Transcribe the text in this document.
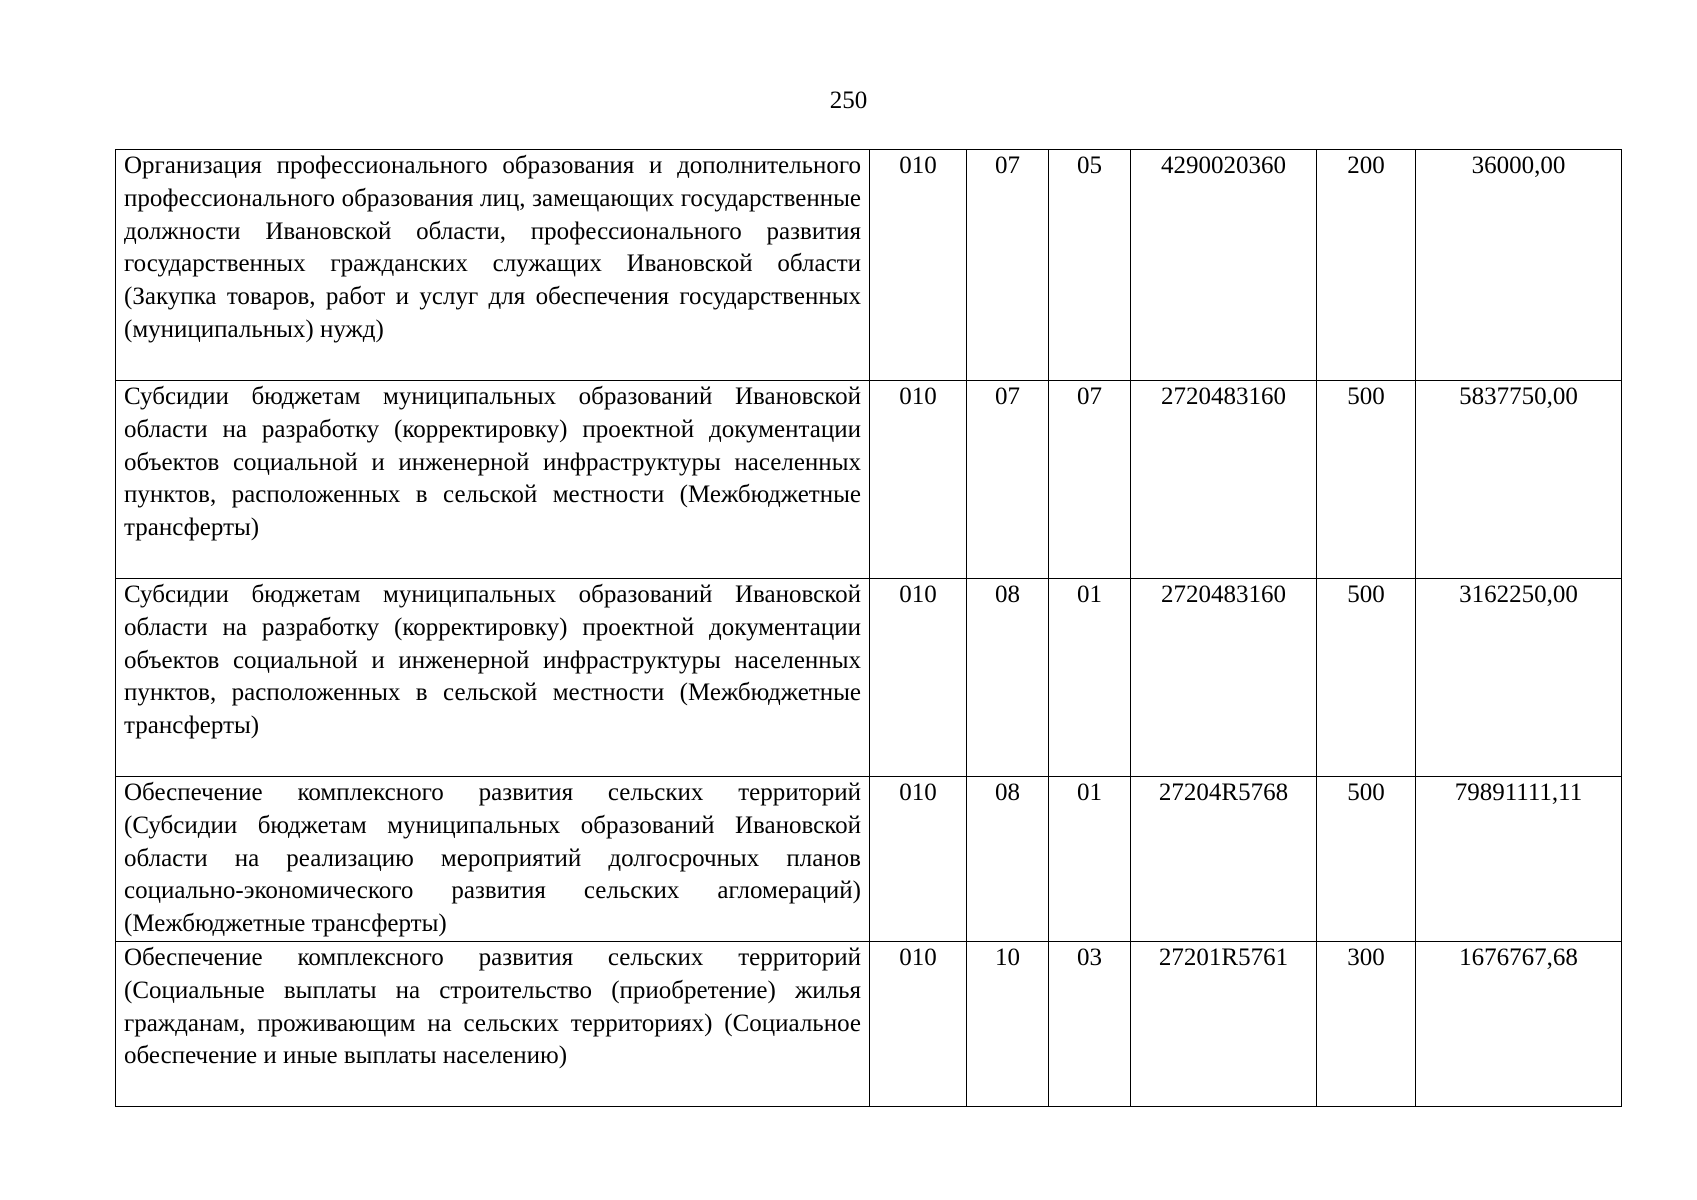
250
Организация профессионального образования и дополнительного профессионального образования лиц, замещающих государственные должности Ивановской области, профессионального развития государственных гражданских служащих Ивановской области (Закупка товаров, работ и услуг для обеспечения государственных (муниципальных) нужд)	010	07	05	4290020360	200	36000,00
Субсидии бюджетам муниципальных образований Ивановской области на разработку (корректировку) проектной документации объектов социальной и инженерной инфраструктуры населенных пунктов, расположенных в сельской местности (Межбюджетные трансферты)	010	07	07	2720483160	500	5837750,00
Субсидии бюджетам муниципальных образований Ивановской области на разработку (корректировку) проектной документации объектов социальной и инженерной инфраструктуры населенных пунктов, расположенных в сельской местности (Межбюджетные трансферты)	010	08	01	2720483160	500	3162250,00
Обеспечение комплексного развития сельских территорий (Субсидии бюджетам муниципальных образований Ивановской области на реализацию мероприятий долгосрочных планов социально-экономического развития сельских агломераций) (Межбюджетные трансферты)	010	08	01	27204R5768	500	79891111,11
Обеспечение комплексного развития сельских территорий (Социальные выплаты на строительство (приобретение) жилья гражданам, проживающим на сельских территориях) (Социальное обеспечение и иные выплаты населению)	010	10	03	27201R5761	300	1676767,68
